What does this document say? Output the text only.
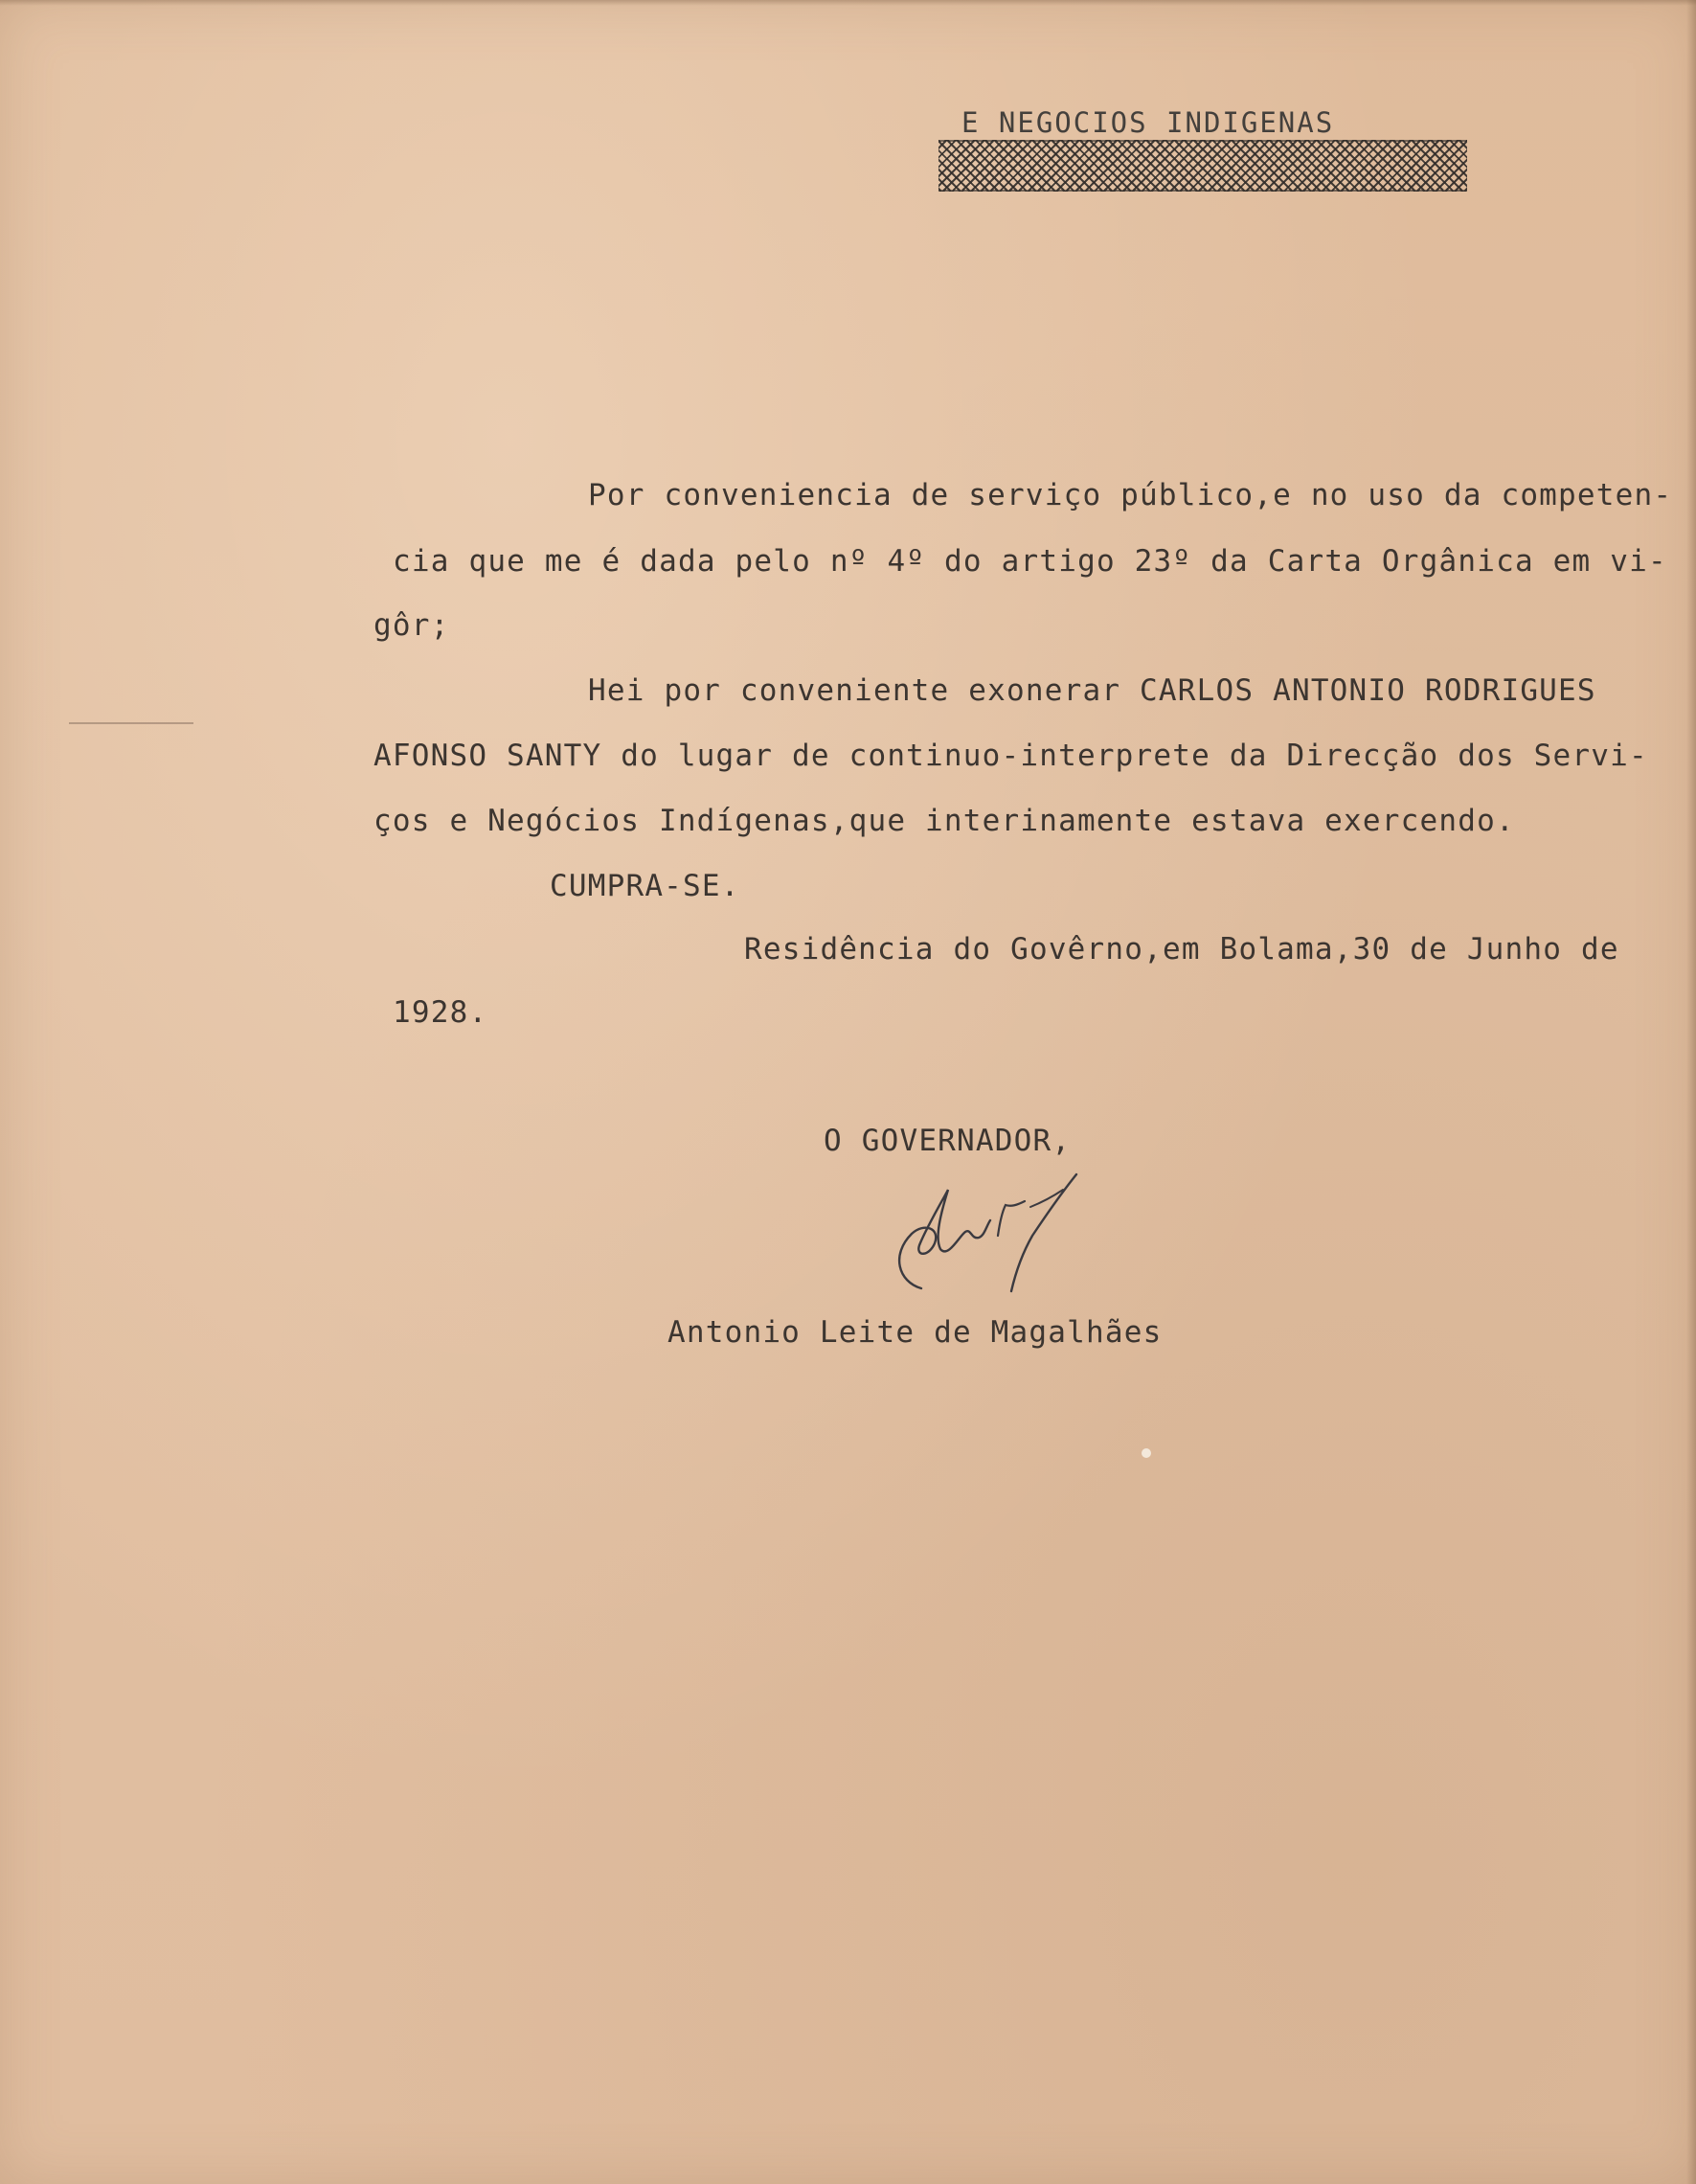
E NEGOCIOS INDIGENAS
Por conveniencia de serviço público,e no uso da competen-
cia que me é dada pelo nº 4º do artigo 23º da Carta Orgânica em vi-
gôr;
Hei por conveniente exonerar CARLOS ANTONIO RODRIGUES
AFONSO SANTY do lugar de continuo-interprete da Direcção dos Servi-
ços e Negócios Indígenas,que interinamente estava exercendo.
CUMPRA-SE.
Residência do Govêrno,em Bolama,30 de Junho de
1928.
O GOVERNADOR,
Antonio Leite de Magalhães
